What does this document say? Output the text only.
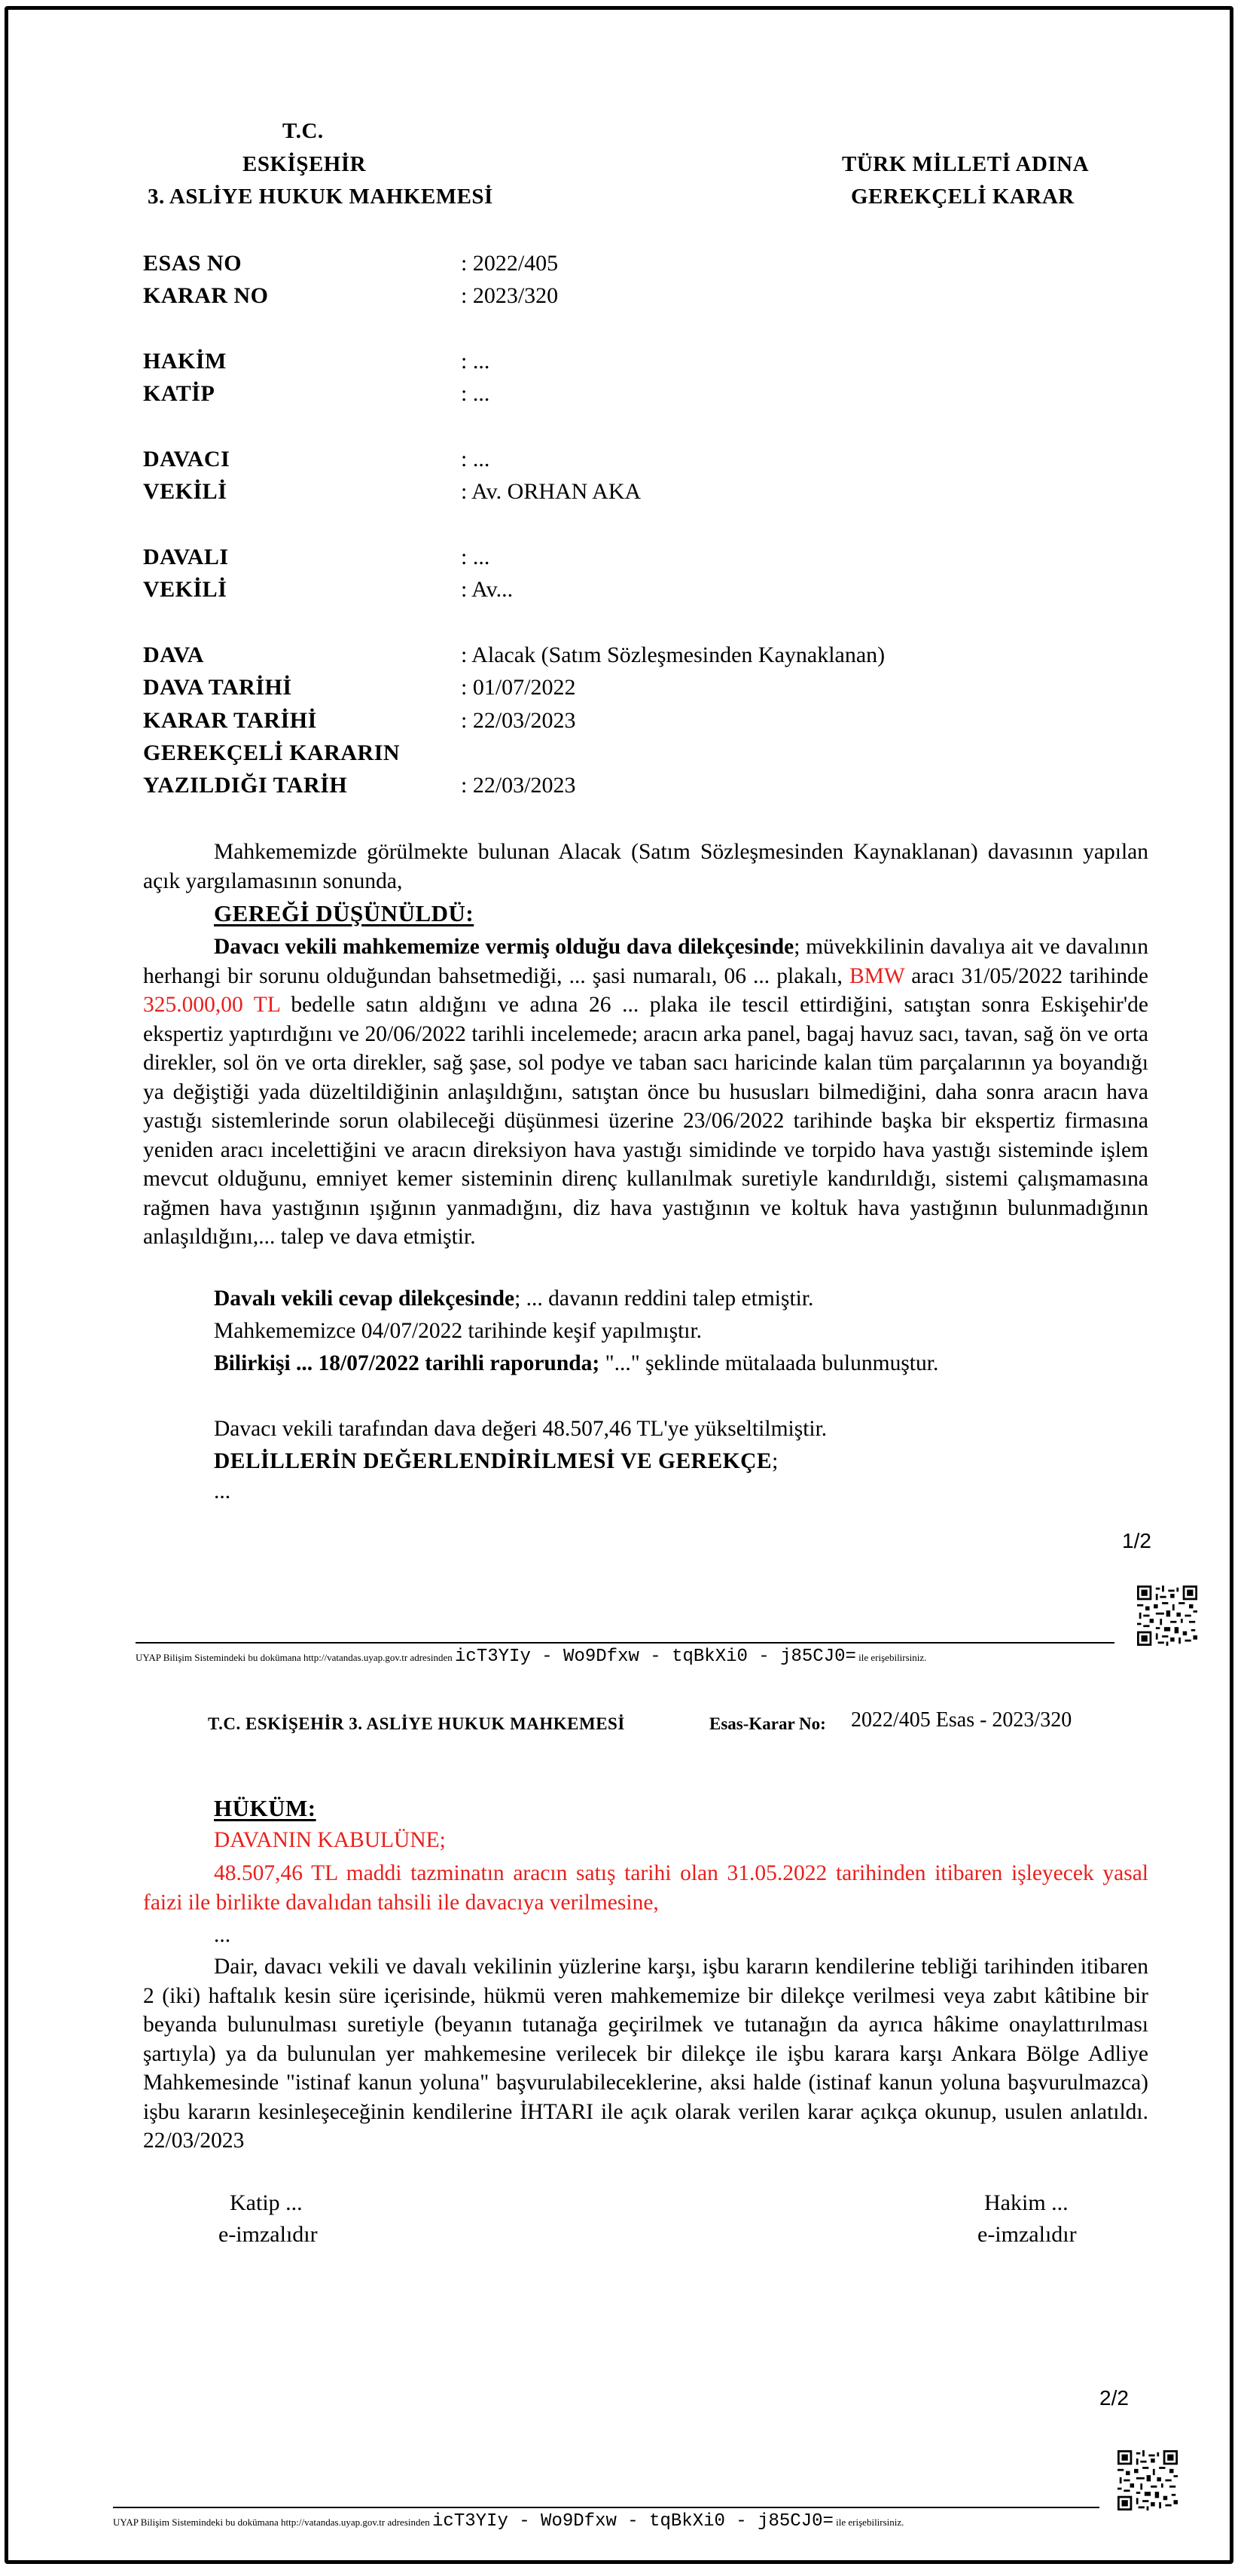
T.C.
ESKİŞEHİR
3. ASLİYE HUKUK MAHKEMESİ
TÜRK MİLLETİ ADINA
GEREKÇELİ KARAR
ESAS NO	: 2022/405
KARAR NO	: 2023/320
HAKİM	: ...
KATİP	: ...
DAVACI	: ...
VEKİLİ	: Av. ORHAN AKA
DAVALI	: ...
VEKİLİ	: Av...
DAVA	: Alacak (Satım Sözleşmesinden Kaynaklanan)
DAVA TARİHİ	: 01/07/2022
KARAR TARİHİ	: 22/03/2023
GEREKÇELİ KARARIN
YAZILDIĞI TARİH	: 22/03/2023
Mahkememizde görülmekte bulunan Alacak (Satım Sözleşmesinden Kaynaklanan) davasının yapılan açık yargılamasının sonunda,
GEREĞİ DÜŞÜNÜLDÜ:
Davacı vekili mahkememize vermiş olduğu dava dilekçesinde; müvekkilinin davalıya ait ve davalının herhangi bir sorunu olduğundan bahsetmediği, ... şasi numaralı, 06 ... plakalı, BMW aracı 31/05/2022 tarihinde 325.000,00 TL bedelle satın aldığını ve adına 26 ... plaka ile tescil ettirdiğini, satıştan sonra Eskişehir'de ekspertiz yaptırdığını ve 20/06/2022 tarihli incelemede; aracın arka panel, bagaj havuz sacı, tavan, sağ ön ve orta direkler, sol ön ve orta direkler, sağ şase, sol podye ve taban sacı haricinde kalan tüm parçalarının ya boyandığı ya değiştiği yada düzeltildiğinin anlaşıldığını, satıştan önce bu hususları bilmediğini, daha sonra aracın hava yastığı sistemlerinde sorun olabileceği düşünmesi üzerine 23/06/2022 tarihinde başka bir ekspertiz firmasına yeniden aracı incelettiğini ve aracın direksiyon hava yastığı simidinde ve torpido hava yastığı sisteminde işlem mevcut olduğunu, emniyet kemer sisteminin direnç kullanılmak suretiyle kandırıldığı, sistemi çalışmamasına rağmen hava yastığının ışığının yanmadığını, diz hava yastığının ve koltuk hava yastığının bulunmadığının anlaşıldığını,... talep ve dava etmiştir.
Davalı vekili cevap dilekçesinde; ... davanın reddini talep etmiştir.
Mahkememizce 04/07/2022 tarihinde keşif yapılmıştır.
Bilirkişi ... 18/07/2022 tarihli raporunda; "..." şeklinde mütalaada bulunmuştur.
Davacı vekili tarafından dava değeri 48.507,46 TL'ye yükseltilmiştir.
DELİLLERİN DEĞERLENDİRİLMESİ VE GEREKÇE;
...
1/2
UYAP Bilişim Sistemindeki bu dokümana http://vatandas.uyap.gov.tr adresinden icT3YIy - Wo9Dfxw - tqBkXi0 - j85CJ0= ile erişebilirsiniz.
T.C. ESKİŞEHİR 3. ASLİYE HUKUK MAHKEMESİ	Esas-Karar No: 2022/405 Esas - 2023/320
HÜKÜM:
DAVANIN KABULÜNE;
48.507,46 TL maddi tazminatın aracın satış tarihi olan 31.05.2022 tarihinden itibaren işleyecek yasal faizi ile birlikte davalıdan tahsili ile davacıya verilmesine,
...
Dair, davacı vekili ve davalı vekilinin yüzlerine karşı, işbu kararın kendilerine tebliği tarihinden itibaren 2 (iki) haftalık kesin süre içerisinde, hükmü veren mahkememize bir dilekçe verilmesi veya zabıt kâtibine bir beyanda bulunulması suretiyle (beyanın tutanağa geçirilmek ve tutanağın da ayrıca hâkime onaylattırılması şartıyla) ya da bulunulan yer mahkemesine verilecek bir dilekçe ile işbu karara karşı Ankara Bölge Adliye Mahkemesinde "istinaf kanun yoluna" başvurulabileceklerine, aksi halde (istinaf kanun yoluna başvurulmazca) işbu kararın kesinleşeceğinin kendilerine İHTARI ile açık olarak verilen karar açıkça okunup, usulen anlatıldı. 22/03/2023
Katip ...
e-imzalıdır
Hakim ...
e-imzalıdır
2/2
UYAP Bilişim Sistemindeki bu dokümana http://vatandas.uyap.gov.tr adresinden icT3YIy - Wo9Dfxw - tqBkXi0 - j85CJ0= ile erişebilirsiniz.
